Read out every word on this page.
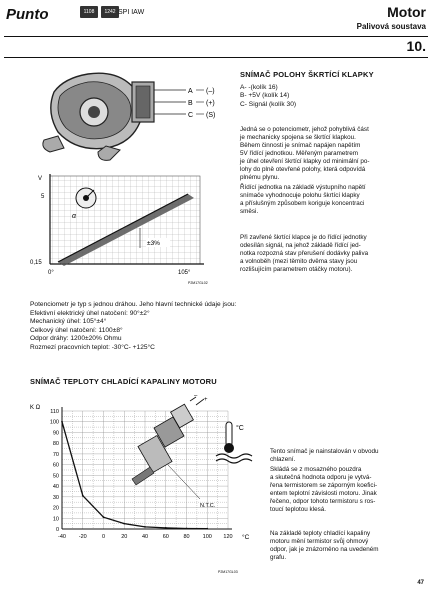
Punto	1108	1242 SPI IAW	Motor
Palivová soustava
10.
A
B
C
(–)
(+)
(S)
V
5
0,15
0°	105°
α
±3%
P2M17GL02
SNÍMAČ POLOHY ŠKRTÍCÍ KLAPKY
A- -(kolík 16)
B- +5V (kolík 14)
C- Signál (kolík 30)
Jedná se o potenciometr, jehož pohyblivá část
je mechanicky spojena se škrtící klapkou.
Během činnosti je snímač napájen napětím
5V řídící jednotkou. Měřeným parametrem
je úhel otevření škrtící klapky od minimální po-
lohy do plně otevřené polohy, která odpovídá
plnému plynu.
Řídící jednotka na základě výstupního napětí
snímače vyhodnocuje polohu škrtící klapky
a příslušným způsobem koriguje koncentraci
směsi.
Při zavřené škrtící klapce je do řídící jednotky
odesílán signál, na jehož základě řídící jed-
notka rozpozná stav přerušení dodávky paliva
a volnoběh (mezi těmito dvěma stavy jsou
rozlišujícím parametrem otáčky motoru).
Potenciometr je typ s jednou dráhou. Jeho hlavní technické údaje jsou:
Efektivní elektrický úhel natočení: 90°±2°
Mechanický úhel: 105°±4°
Celkový úhel natočení: 1100±8°
Odpor dráhy: 1200±20% Ohmu
Rozmezí pracovních teplot: -30°C- +125°C
SNÍMAČ TEPLOTY CHLADÍCÍ KAPALINY MOTORU
0
10
20
30
40
50
60
70
80
90
100
110
-40 -20	0	20	40	60	80 100 120
K Ω
°C
–
+
N.T.C.
P2M17GL03
°C
Tento snímač je nainstalován v obvodu
chlazení.
Skládá se z mosazného pouzdra
a skutečná hodnota odporu je vytvá-
řena termistorem se záporným koefici-
entem teplotní závislosti motoru. Jinak
řečeno, odpor tohoto termistoru s ros-
toucí teplotou klesá.
Na základě teploty chladící kapaliny
motoru mění termistor svůj ohmový
odpor, jak je znázorněno na uvedeném
grafu.
47
